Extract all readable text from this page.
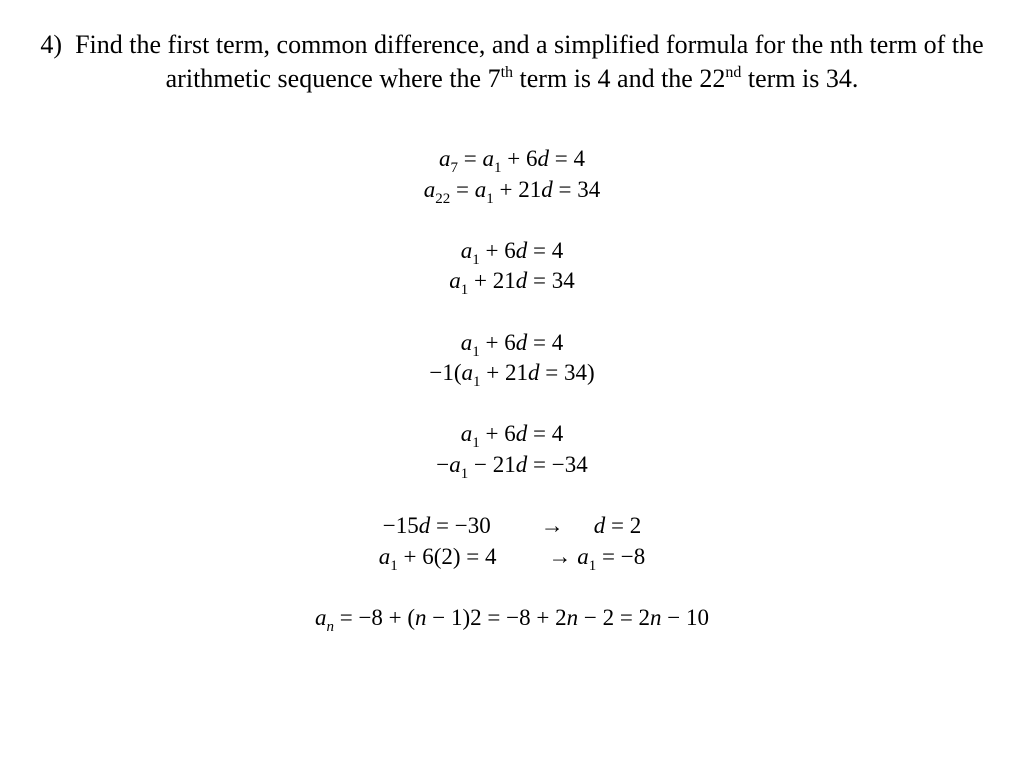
4) Find the first term, common difference, and a simplified formula for the nth term of the arithmetic sequence where the 7th term is 4 and the 22nd term is 34.
$a_7 = a_1 + 6d = 4$
$a_{22} = a_1 + 21d = 34$
$a_1 + 6d = 4$
$a_1 + 21d = 34$
$a_1 + 6d = 4$
$-1(a_1 + 21d = 34)$
$a_1 + 6d = 4$
$-a_1 - 21d = -34$
−15d = −30 → d = 2
$a_1 + 6(2) = 4 \to a_1 = -8$
$a_n = -8 + (n - 1)2 = -8 + 2n - 2 = 2n - 10$
